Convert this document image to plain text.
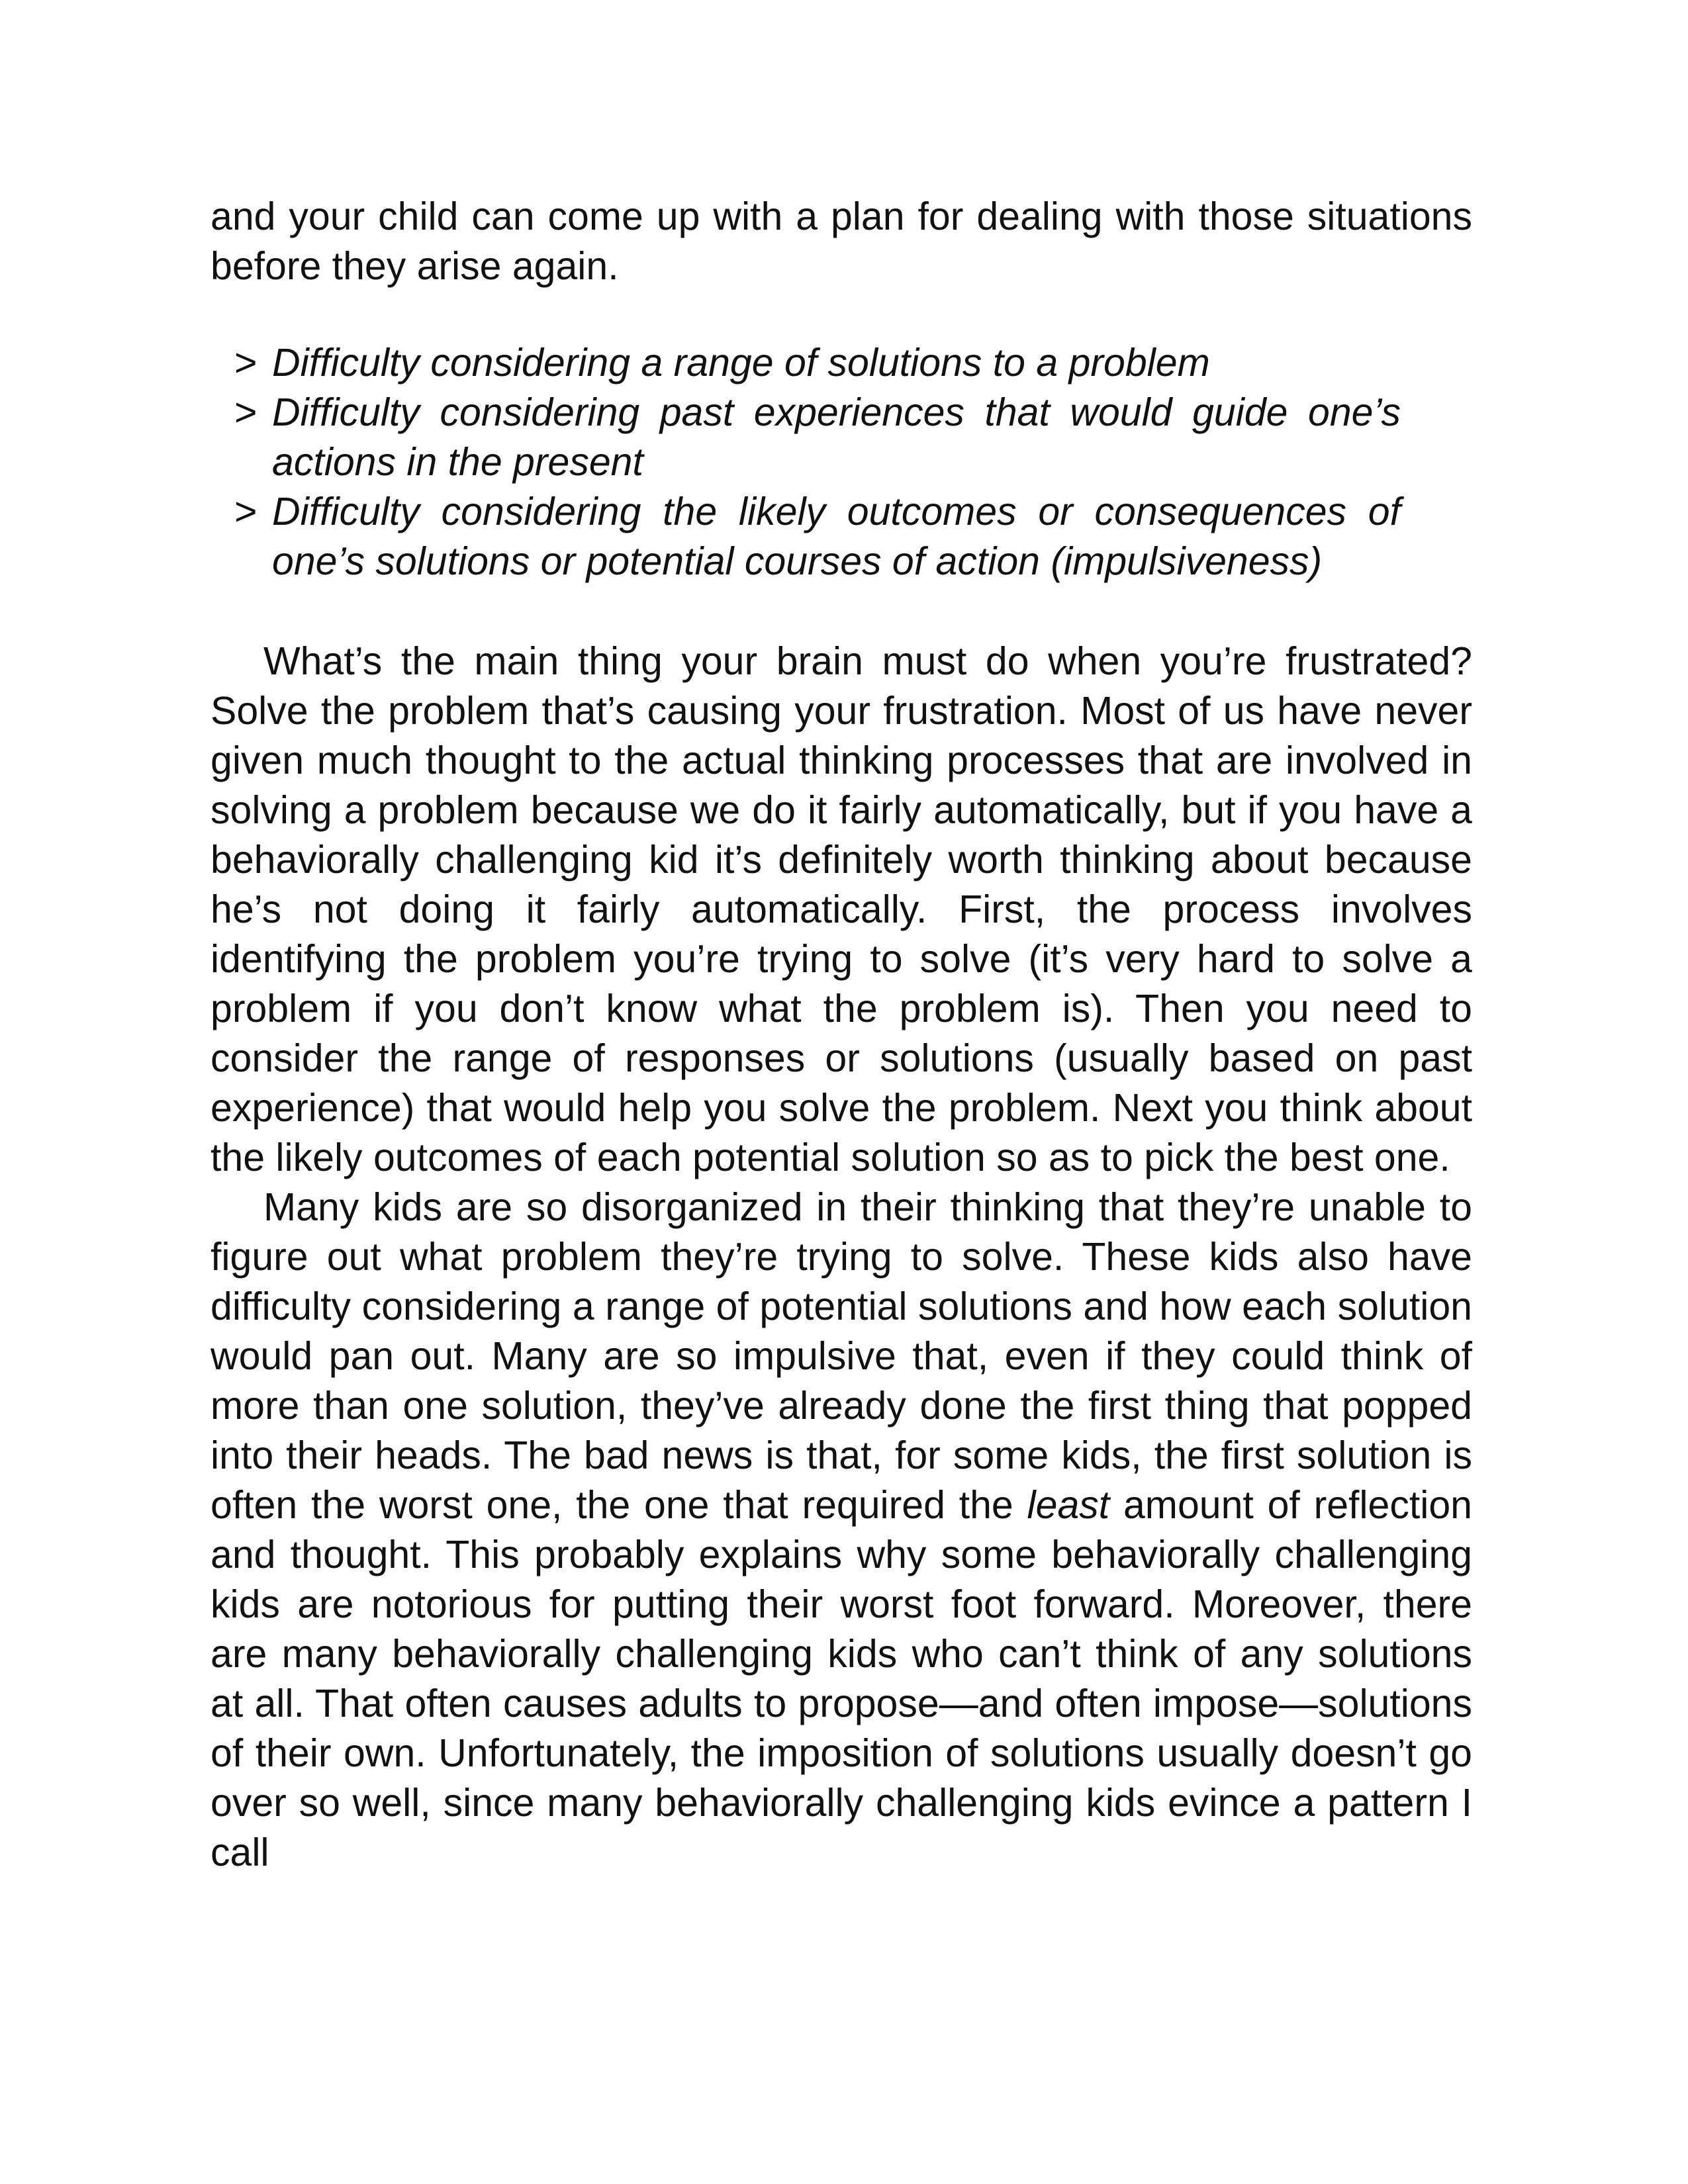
and your child can come up with a plan for dealing with those situations before they arise again.

> Difficulty considering a range of solutions to a problem
> Difficulty considering past experiences that would guide one’s actions in the present
> Difficulty considering the likely outcomes or consequences of one’s solutions or potential courses of action (impulsiveness)

What’s the main thing your brain must do when you’re frustrated? Solve the problem that’s causing your frustration. Most of us have never given much thought to the actual thinking processes that are involved in solving a problem because we do it fairly automatically, but if you have a behaviorally challenging kid it’s definitely worth thinking about because he’s not doing it fairly automatically. First, the process involves identifying the problem you’re trying to solve (it’s very hard to solve a problem if you don’t know what the problem is). Then you need to consider the range of responses or solutions (usually based on past experience) that would help you solve the problem. Next you think about the likely outcomes of each potential solution so as to pick the best one.

Many kids are so disorganized in their thinking that they’re unable to figure out what problem they’re trying to solve. These kids also have difficulty considering a range of potential solutions and how each solution would pan out. Many are so impulsive that, even if they could think of more than one solution, they’ve already done the first thing that popped into their heads. The bad news is that, for some kids, the first solution is often the worst one, the one that required the least amount of reflection and thought. This probably explains why some behaviorally challenging kids are notorious for putting their worst foot forward. Moreover, there are many behaviorally challenging kids who can’t think of any solutions at all. That often causes adults to propose—and often impose—solutions of their own. Unfortunately, the imposition of solutions usually doesn’t go over so well, since many behaviorally challenging kids evince a pattern I call
